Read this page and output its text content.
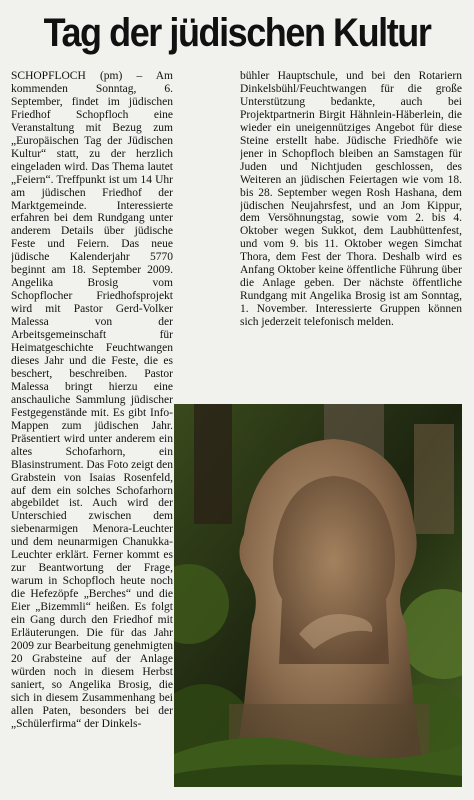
Tag der jüdischen Kultur

SCHOPFLOCH (pm) – Am kommenden Sonntag, 6. September, findet im jüdischen Friedhof Schopfloch eine Veranstaltung mit Bezug zum „Europäischen Tag der Jüdischen Kultur“ statt, zu der herzlich eingeladen wird. Das Thema lautet „Feiern“. Treffpunkt ist um 14 Uhr am jüdischen Friedhof der Marktgemeinde. Interessierte erfahren bei dem Rundgang unter anderem Details über jüdische Feste und Feiern. Das neue jüdische Kalenderjahr 5770 beginnt am 18. September 2009. Angelika Brosig vom Schopflocher Friedhofsprojekt wird mit Pastor Gerd-Volker Malessa von der Arbeitsgemeinschaft für Heimatgeschichte Feuchtwangen dieses Jahr und die Feste, die es beschert, beschreiben. Pastor Malessa bringt hierzu eine anschauliche Sammlung jüdischer Festgegenstände mit. Es gibt Info-Mappen zum jüdischen Jahr. Präsentiert wird unter anderem ein altes Schofarhorn, ein Blasinstrument. Das Foto zeigt den Grabstein von Isaias Rosenfeld, auf dem ein solches Schofarhorn abgebildet ist. Auch wird der Unterschied zwischen dem siebenarmigen Menora-Leuchter und dem neunarmigen Chanukka-Leuchter erklärt. Ferner kommt es zur Beantwortung der Frage, warum in Schopfloch heute noch die Hefezöpfe „Berches“ und die Eier „Bizemmli“ heißen. Es folgt ein Gang durch den Friedhof mit Erläuterungen. Die für das Jahr 2009 zur Bearbeitung genehmigten 20 Grabsteine auf der Anlage würden noch in diesem Herbst saniert, so Angelika Brosig, die sich in diesem Zusammenhang bei allen Paten, besonders bei der „Schülerfirma“ der Dinkels-

bühler Hauptschule, und bei den Rotariern Dinkelsbühl/Feuchtwangen für die große Unterstützung bedankte, auch bei Projektpartnerin Birgit Hähnlein-Häberlein, die wieder ein uneigennütziges Angebot für diese Steine erstellt habe. Jüdische Friedhöfe wie jener in Schopfloch bleiben an Samstagen für Juden und Nichtjuden geschlossen, des Weiteren an jüdischen Feiertagen wie vom 18. bis 28. September wegen Rosh Hashana, dem jüdischen Neujahrsfest, und an Jom Kippur, dem Versöhnungstag, sowie vom 2. bis 4. Oktober wegen Sukkot, dem Laubhüttenfest, und vom 9. bis 11. Oktober wegen Simchat Thora, dem Fest der Thora. Deshalb wird es Anfang Oktober keine öffentliche Führung über die Anlage geben. Der nächste öffentliche Rundgang mit Angelika Brosig ist am Sonntag, 1. November. Interessierte Gruppen können sich jederzeit telefonisch melden.
